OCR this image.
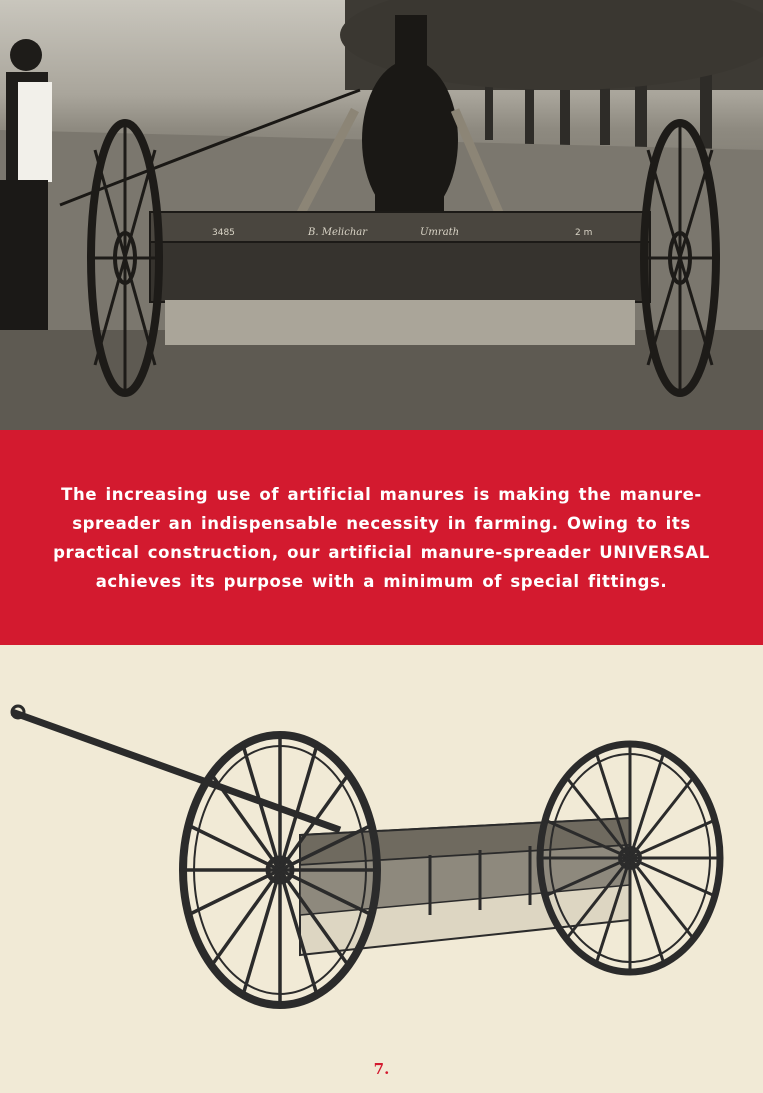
3485	B. Melichar	Umrath	2 m

The increasing use of artificial manures is making the manure-spreader an indispensable necessity in farming. Owing to its practical construction, our artificial manure-spreader UNIVERSAL achieves its purpose with a minimum of special fittings.

7.
